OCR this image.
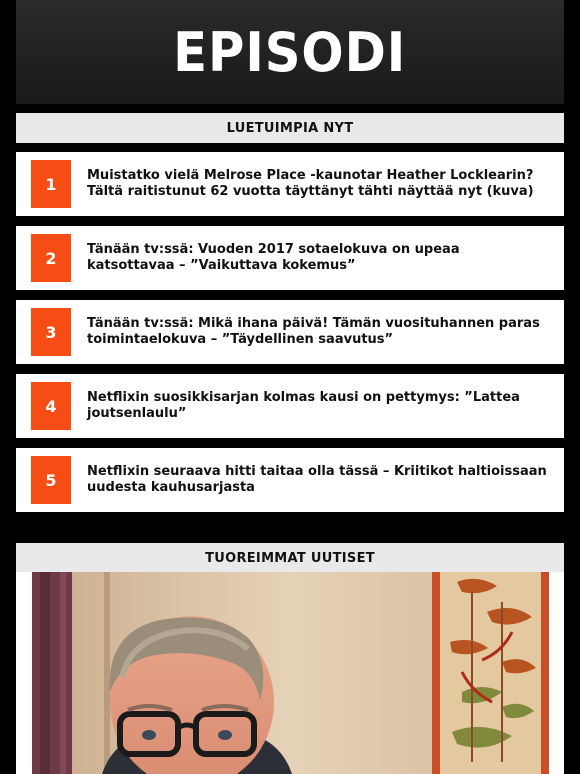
EPISODI
LUETUIMPIA NYT
1	Muistatko vielä Melrose Place -kaunotar Heather Locklearin? Tältä raitistunut 62 vuotta täyttänyt tähti näyttää nyt (kuva)
2	Tänään tv:ssä: Vuoden 2017 sotaelokuva on upeaa katsottavaa – ”Vaikuttava kokemus”
3	Tänään tv:ssä: Mikä ihana päivä! Tämän vuosituhannen paras toimintaelokuva – ”Täydellinen saavutus”
4	Netflixin suosikkisarjan kolmas kausi on pettymys: ”Lattea joutsenlaulu”
5	Netflixin seuraava hitti taitaa olla tässä – Kriitikot haltioissaan uudesta kauhusarjasta
TUOREIMMAT UUTISET
